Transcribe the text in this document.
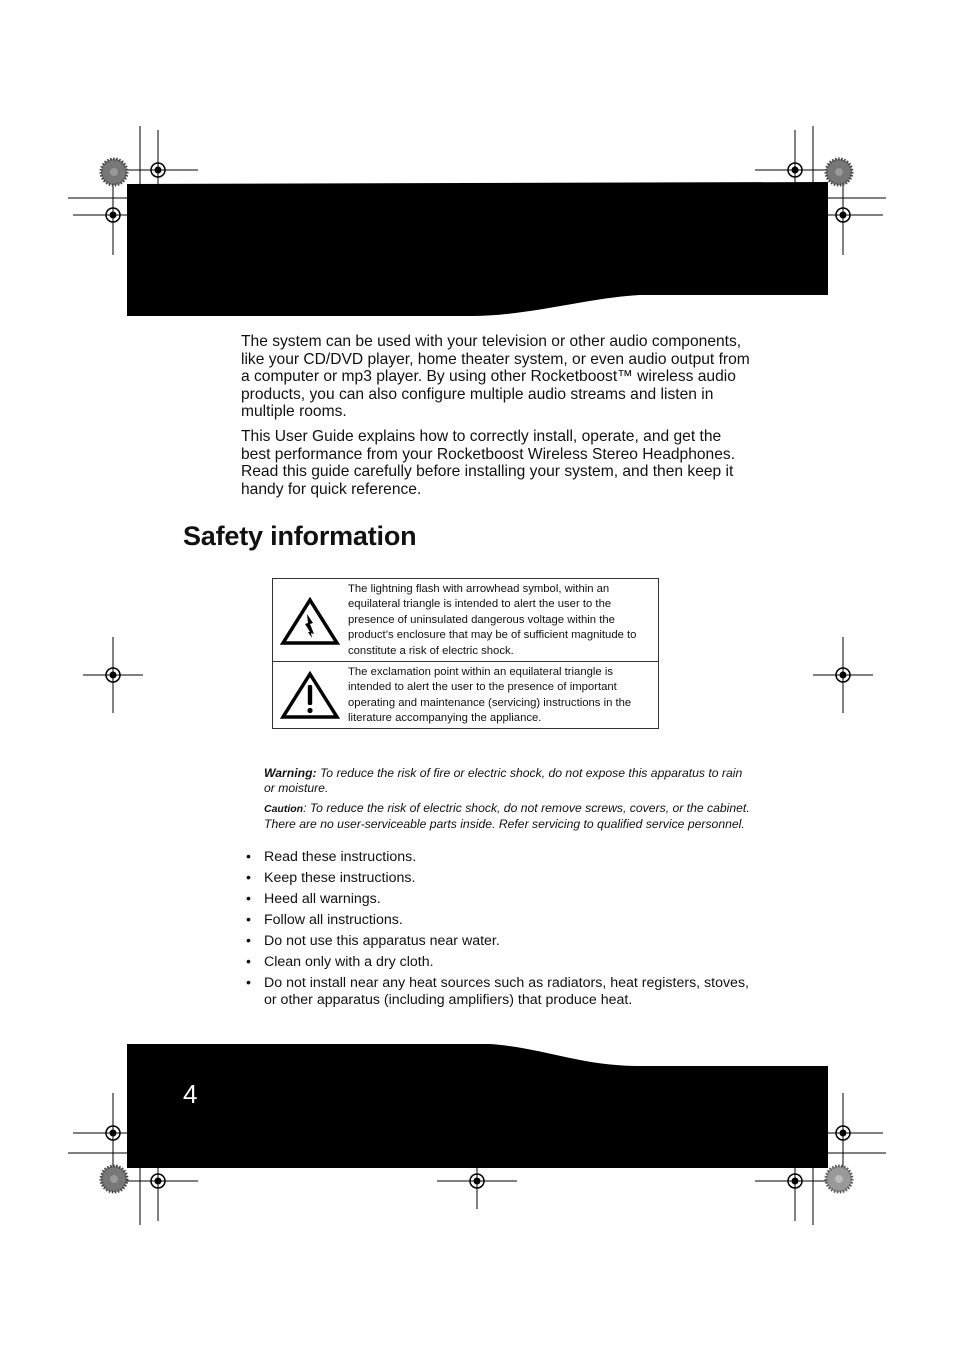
The system can be used with your television or other audio components, like your CD/DVD player, home theater system, or even audio output from a computer or mp3 player. By using other Rocketboost™ wireless audio products, you can also configure multiple audio streams and listen in multiple rooms.

This User Guide explains how to correctly install, operate, and get the best performance from your Rocketboost Wireless Stereo Headphones. Read this guide carefully before installing your system, and then keep it handy for quick reference.

Safety information

The lightning flash with arrowhead symbol, within an equilateral triangle is intended to alert the user to the presence of uninsulated dangerous voltage within the product’s enclosure that may be of sufficient magnitude to constitute a risk of electric shock.

The exclamation point within an equilateral triangle is intended to alert the user to the presence of important operating and maintenance (servicing) instructions in the literature accompanying the appliance.

Warning: To reduce the risk of fire or electric shock, do not expose this apparatus to rain or moisture.

Caution: To reduce the risk of electric shock, do not remove screws, covers, or the cabinet. There are no user-serviceable parts inside. Refer servicing to qualified service personnel.

• Read these instructions.
• Keep these instructions.
• Heed all warnings.
• Follow all instructions.
• Do not use this apparatus near water.
• Clean only with a dry cloth.
• Do not install near any heat sources such as radiators, heat registers, stoves, or other apparatus (including amplifiers) that produce heat.

4
